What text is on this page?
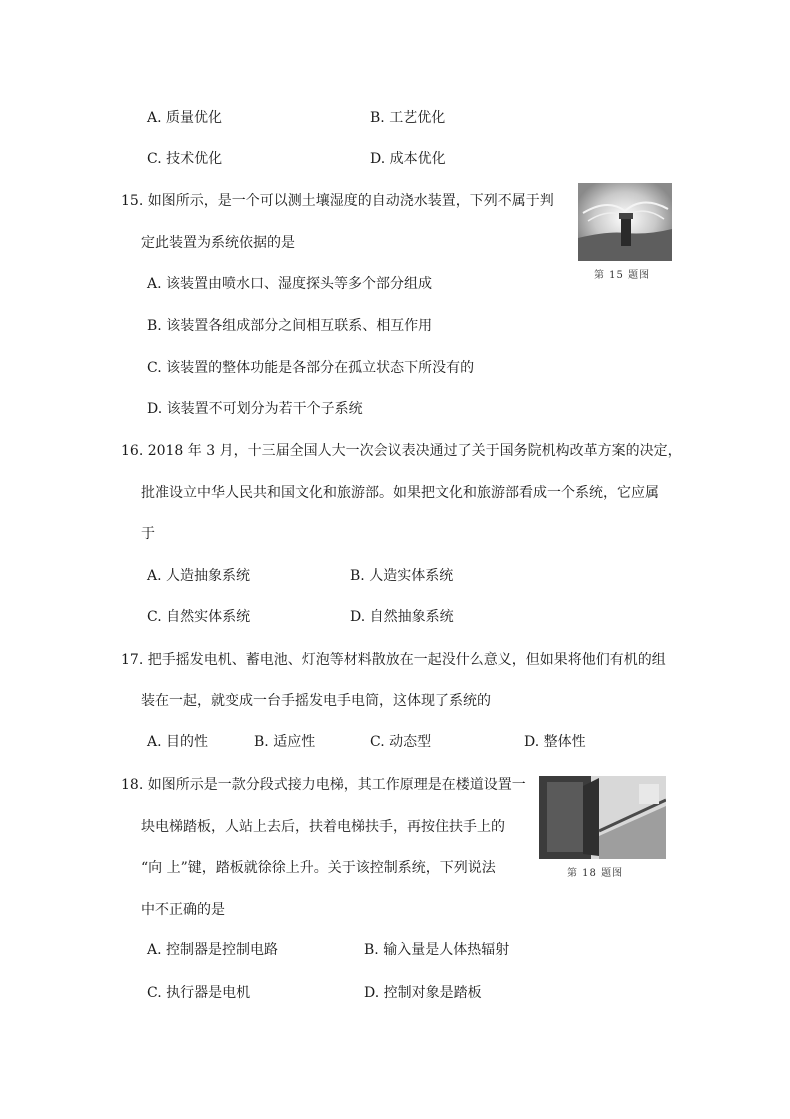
A. 质量优化	B. 工艺优化
C. 技术优化	D. 成本优化
15. 如图所示，是一个可以测土壤湿度的自动浇水装置，下列不属于判
定此装置为系统依据的是
第 15 题图
A. 该装置由喷水口、湿度探头等多个部分组成
B. 该装置各组成部分之间相互联系、相互作用
C. 该装置的整体功能是各部分在孤立状态下所没有的
D. 该装置不可划分为若干个子系统
16. 2018 年 3 月，十三届全国人大一次会议表决通过了关于国务院机构改革方案的决定，
批准设立中华人民共和国文化和旅游部。如果把文化和旅游部看成一个系统，它应属
于
A. 人造抽象系统	B. 人造实体系统
C. 自然实体系统	D. 自然抽象系统
17. 把手摇发电机、蓄电池、灯泡等材料散放在一起没什么意义，但如果将他们有机的组
装在一起，就变成一台手摇发电手电筒，这体现了系统的
A. 目的性	B. 适应性	C. 动态型	D. 整体性
18. 如图所示是一款分段式接力电梯，其工作原理是在楼道设置一
块电梯踏板，人站上去后，扶着电梯扶手，再按住扶手上的
“向 上”键，踏板就徐徐上升。关于该控制系统，下列说法
中不正确的是
第 18 题图
A. 控制器是控制电路	B. 输入量是人体热辐射
C. 执行器是电机	D. 控制对象是踏板
